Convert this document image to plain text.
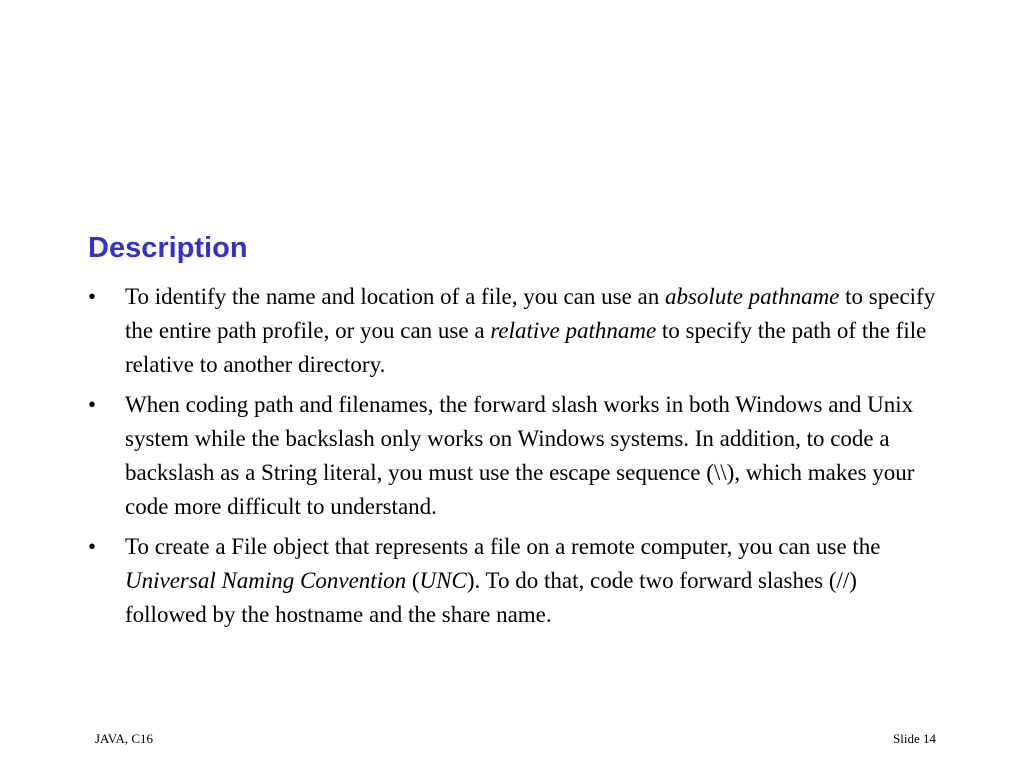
Description
• To identify the name and location of a file, you can use an absolute pathname to specify the entire path profile, or you can use a relative pathname to specify the path of the file relative to another directory.
• When coding path and filenames, the forward slash works in both Windows and Unix system while the backslash only works on Windows systems. In addition, to code a backslash as a String literal, you must use the escape sequence (\\), which makes your code more difficult to understand.
• To create a File object that represents a file on a remote computer, you can use the Universal Naming Convention (UNC). To do that, code two forward slashes (//) followed by the hostname and the share name.
JAVA, C16	Slide 14
